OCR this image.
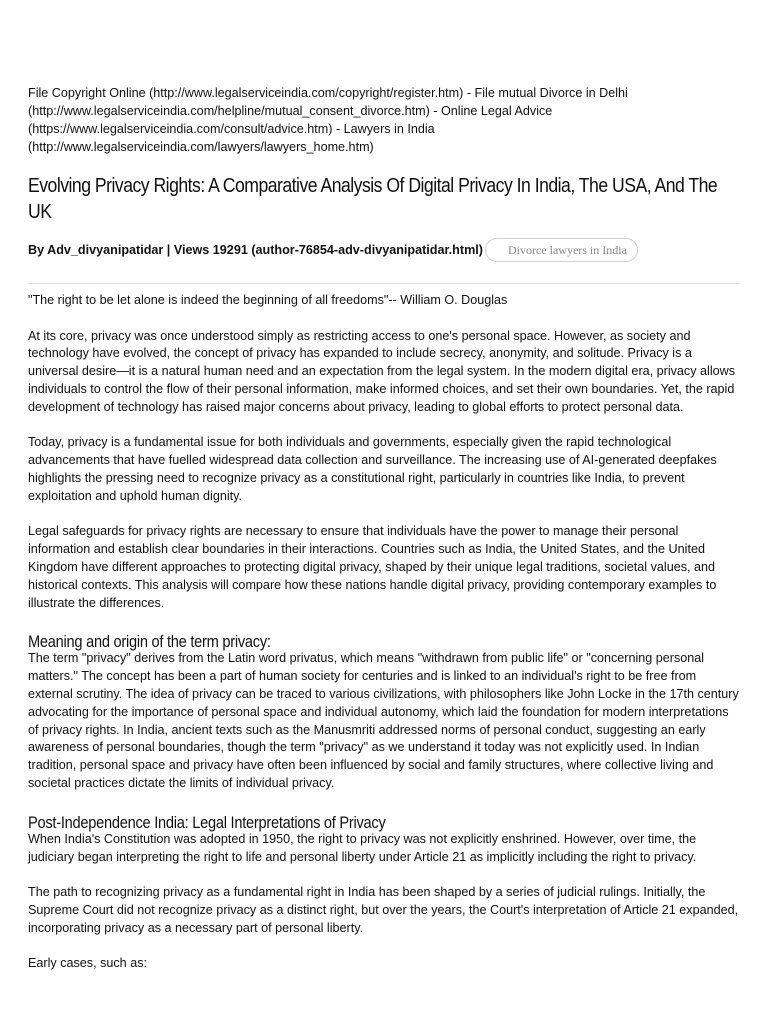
File Copyright Online (http://www.legalserviceindia.com/copyright/register.htm) - File mutual Divorce in Delhi (http://www.legalserviceindia.com/helpline/mutual_consent_divorce.htm) - Online Legal Advice (https://www.legalserviceindia.com/consult/advice.htm) - Lawyers in India (http://www.legalserviceindia.com/lawyers/lawyers_home.htm)
Evolving Privacy Rights: A Comparative Analysis Of Digital Privacy In India, The USA, And The UK
By Adv_divyanipatidar | Views 19291 (author-76854-adv-divyanipatidar.html)	Divorce lawyers in India

"The right to be let alone is indeed the beginning of all freedoms"-- William O. Douglas

At its core, privacy was once understood simply as restricting access to one's personal space. However, as society and technology have evolved, the concept of privacy has expanded to include secrecy, anonymity, and solitude. Privacy is a universal desire—it is a natural human need and an expectation from the legal system. In the modern digital era, privacy allows individuals to control the flow of their personal information, make informed choices, and set their own boundaries. Yet, the rapid development of technology has raised major concerns about privacy, leading to global efforts to protect personal data.

Today, privacy is a fundamental issue for both individuals and governments, especially given the rapid technological advancements that have fuelled widespread data collection and surveillance. The increasing use of AI-generated deepfakes highlights the pressing need to recognize privacy as a constitutional right, particularly in countries like India, to prevent exploitation and uphold human dignity.

Legal safeguards for privacy rights are necessary to ensure that individuals have the power to manage their personal information and establish clear boundaries in their interactions. Countries such as India, the United States, and the United Kingdom have different approaches to protecting digital privacy, shaped by their unique legal traditions, societal values, and historical contexts. This analysis will compare how these nations handle digital privacy, providing contemporary examples to illustrate the differences.

Meaning and origin of the term privacy:

The term "privacy" derives from the Latin word privatus, which means "withdrawn from public life" or "concerning personal matters." The concept has been a part of human society for centuries and is linked to an individual's right to be free from external scrutiny. The idea of privacy can be traced to various civilizations, with philosophers like John Locke in the 17th century advocating for the importance of personal space and individual autonomy, which laid the foundation for modern interpretations of privacy rights. In India, ancient texts such as the Manusmriti addressed norms of personal conduct, suggesting an early awareness of personal boundaries, though the term "privacy" as we understand it today was not explicitly used. In Indian tradition, personal space and privacy have often been influenced by social and family structures, where collective living and societal practices dictate the limits of individual privacy.

Post-Independence India: Legal Interpretations of Privacy

When India's Constitution was adopted in 1950, the right to privacy was not explicitly enshrined. However, over time, the judiciary began interpreting the right to life and personal liberty under Article 21 as implicitly including the right to privacy.

The path to recognizing privacy as a fundamental right in India has been shaped by a series of judicial rulings. Initially, the Supreme Court did not recognize privacy as a distinct right, but over the years, the Court's interpretation of Article 21 expanded, incorporating privacy as a necessary part of personal liberty.

Early cases, such as:
